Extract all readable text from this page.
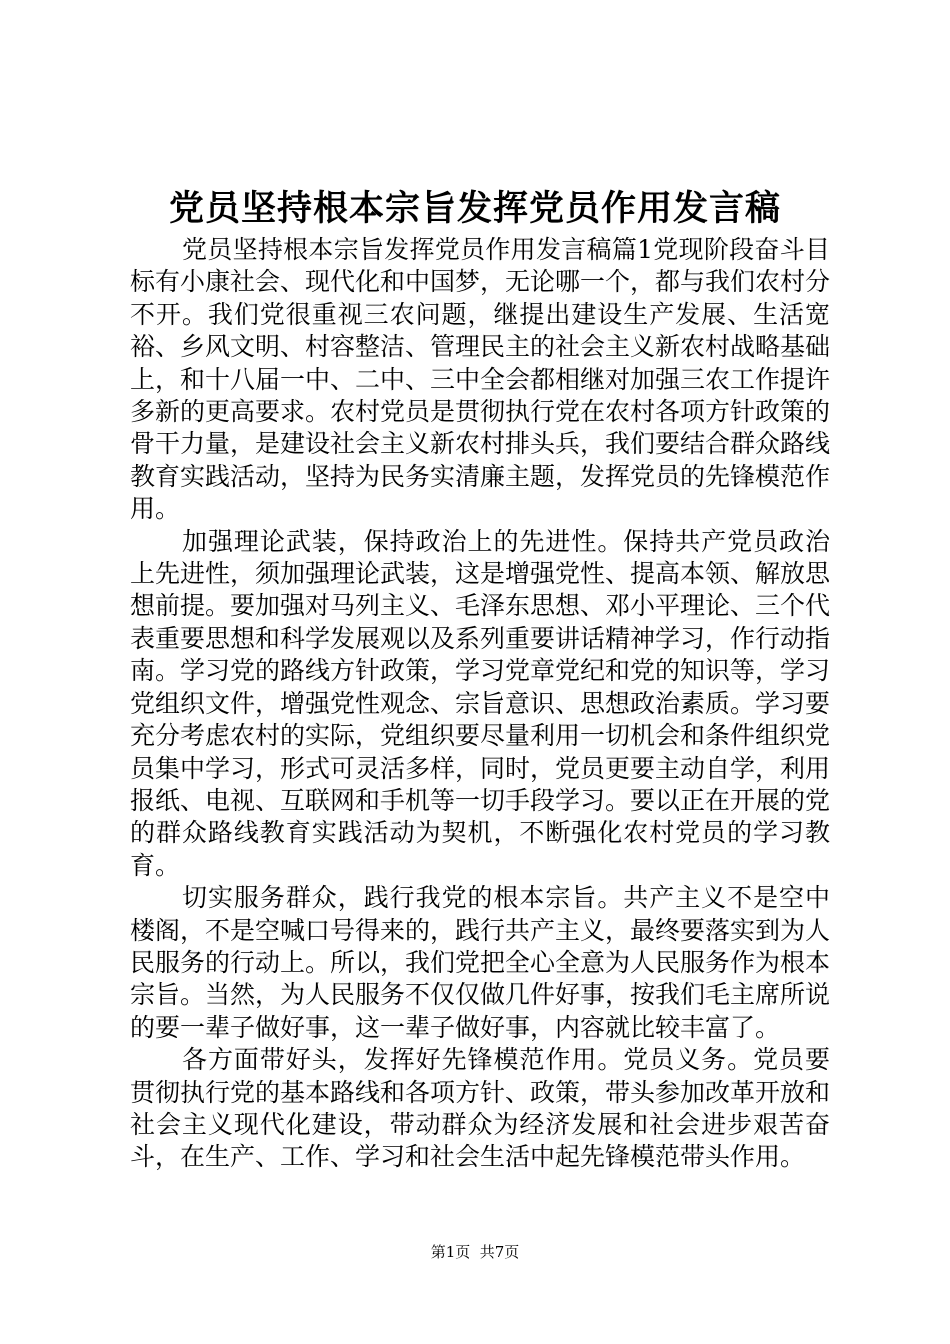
党员坚持根本宗旨发挥党员作用发言稿

党员坚持根本宗旨发挥党员作用发言稿篇1党现阶段奋斗目标有小康社会、现代化和中国梦，无论哪一个，都与我们农村分不开。我们党很重视三农问题，继提出建设生产发展、生活宽裕、乡风文明、村容整洁、管理民主的社会主义新农村战略基础上，和十八届一中、二中、三中全会都相继对加强三农工作提许多新的更高要求。农村党员是贯彻执行党在农村各项方针政策的骨干力量，是建设社会主义新农村排头兵，我们要结合群众路线教育实践活动，坚持为民务实清廉主题，发挥党员的先锋模范作用。

加强理论武装，保持政治上的先进性。保持共产党员政治上先进性，须加强理论武装，这是增强党性、提高本领、解放思想前提。要加强对马列主义、毛泽东思想、邓小平理论、三个代表重要思想和科学发展观以及系列重要讲话精神学习，作行动指南。学习党的路线方针政策，学习党章党纪和党的知识等，学习党组织文件，增强党性观念、宗旨意识、思想政治素质。学习要充分考虑农村的实际，党组织要尽量利用一切机会和条件组织党员集中学习，形式可灵活多样，同时，党员更要主动自学，利用报纸、电视、互联网和手机等一切手段学习。要以正在开展的党的群众路线教育实践活动为契机，不断强化农村党员的学习教育。

切实服务群众，践行我党的根本宗旨。共产主义不是空中楼阁，不是空喊口号得来的，践行共产主义，最终要落实到为人民服务的行动上。所以，我们党把全心全意为人民服务作为根本宗旨。当然，为人民服务不仅仅做几件好事，按我们毛主席所说的要一辈子做好事，这一辈子做好事，内容就比较丰富了。

各方面带好头，发挥好先锋模范作用。党员义务。党员要贯彻执行党的基本路线和各项方针、政策，带头参加改革开放和社会主义现代化建设，带动群众为经济发展和社会进步艰苦奋斗，在生产、工作、学习和社会生活中起先锋模范带头作用。

第1页  共7页
